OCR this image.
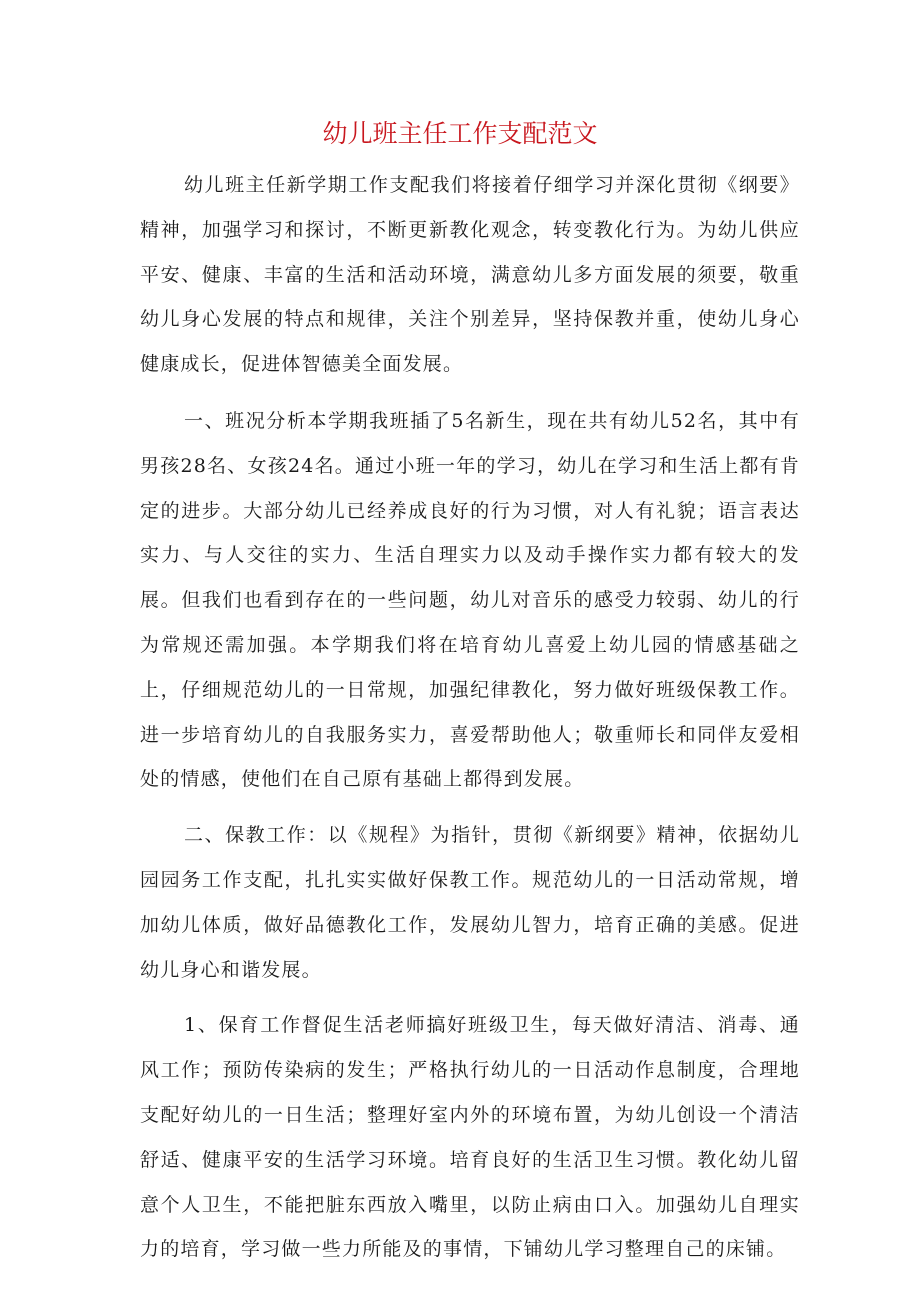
幼儿班主任工作支配范文

幼儿班主任新学期工作支配我们将接着仔细学习并深化贯彻《纲要》精神，加强学习和探讨，不断更新教化观念，转变教化行为。为幼儿供应平安、健康、丰富的生活和活动环境，满意幼儿多方面发展的须要，敬重幼儿身心发展的特点和规律，关注个别差异，坚持保教并重，使幼儿身心健康成长，促进体智德美全面发展。

一、班况分析本学期我班插了5名新生，现在共有幼儿52名，其中有男孩28名、女孩24名。通过小班一年的学习，幼儿在学习和生活上都有肯定的进步。大部分幼儿已经养成良好的行为习惯，对人有礼貌；语言表达实力、与人交往的实力、生活自理实力以及动手操作实力都有较大的发展。但我们也看到存在的一些问题，幼儿对音乐的感受力较弱、幼儿的行为常规还需加强。本学期我们将在培育幼儿喜爱上幼儿园的情感基础之上，仔细规范幼儿的一日常规，加强纪律教化，努力做好班级保教工作。进一步培育幼儿的自我服务实力，喜爱帮助他人；敬重师长和同伴友爱相处的情感，使他们在自己原有基础上都得到发展。

二、保教工作：以《规程》为指针，贯彻《新纲要》精神，依据幼儿园园务工作支配，扎扎实实做好保教工作。规范幼儿的一日活动常规，增加幼儿体质，做好品德教化工作，发展幼儿智力，培育正确的美感。促进幼儿身心和谐发展。

1、保育工作督促生活老师搞好班级卫生，每天做好清洁、消毒、通风工作；预防传染病的发生；严格执行幼儿的一日活动作息制度，合理地支配好幼儿的一日生活；整理好室内外的环境布置，为幼儿创设一个清洁舒适、健康平安的生活学习环境。培育良好的生活卫生习惯。教化幼儿留意个人卫生，不能把脏东西放入嘴里，以防止病由口入。加强幼儿自理实力的培育，学习做一些力所能及的事情，下铺幼儿学习整理自己的床铺。
